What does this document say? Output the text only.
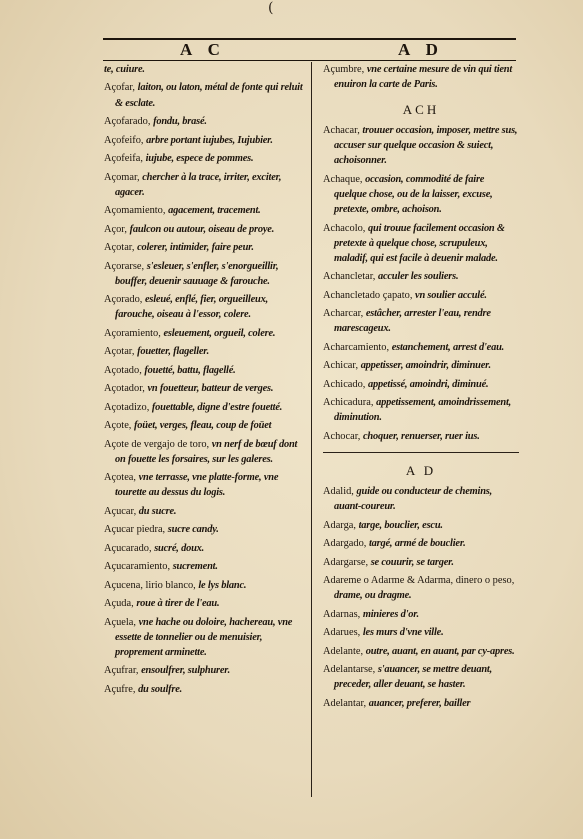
(
A C	A D

te, cuiure.

Açofar, laiton, ou laton, métal de fonte qui reluit & esclate.

Açofarado, fondu, brasé.

Açofeifo, arbre portant iujubes, Iujubier.

Açofeifa, iujube, espece de pommes.

Açomar, chercher à la trace, irriter, exciter, agacer.

Açomamiento, agacement, tracement.

Açor, faulcon ou autour, oiseau de proye.

Açotar, colerer, intimider, faire peur.

Açorarse, s'esleuer, s'enfler, s'enorgueillir, bouffer, deuenir sauuage & farouche.

Açorado, esleué, enflé, fier, orgueilleux, farouche, oiseau à l'essor, colere.

Açoramiento, esleuement, orgueil, colere.

Açotar, fouetter, flageller.

Açotado, fouetté, battu, flagellé.

Açotador, vn fouetteur, batteur de verges.

Açotadizo, fouettable, digne d'estre fouetté.

Açote, foüet, verges, fleau, coup de foüet

Açote de vergajo de toro, vn nerf de bœuf dont on fouette les forsaires, sur les galeres.

Açotea, vne terrasse, vne platte-forme, vne tourette au dessus du logis.

Açucar, du sucre.

Açucar piedra, sucre candy.

Açucarado, sucré, doux.

Açucaramiento, sucrement.

Açucena, lirio blanco, le lys blanc.

Açuda, roue à tirer de l'eau.

Açuela, vne hache ou doloire, hachereau, vne essette de tonnelier ou de menuisier, proprement arminette.

Açufrar, ensoulfrer, sulphurer.

Açufre, du soulfre.

Açumbre, vne certaine mesure de vin qui tient enuiron la carte de Paris.

ACH

Achacar, trouuer occasion, imposer, mettre sus, accuser sur quelque occasion & suiect, achoisonner.

Achaque, occasion, commodité de faire quelque chose, ou de la laisser, excuse, pretexte, ombre, achoison.

Achacolo, qui trouue facilement occasion & pretexte à quelque chose, scrupuleux, maladif, qui est facile à deuenir malade.

Achancletar, acculer les souliers.

Achancletado çapato, vn soulier acculé.

Acharcar, estâcher, arrester l'eau, rendre marescageux.

Acharcamiento, estanchement, arrest d'eau.

Achicar, appetisser, amoindrir, diminuer.

Achicado, appetissé, amoindri, diminué.

Achicadura, appetissement, amoindrissement, diminution.

Achocar, choquer, renuerser, ruer ius.

A D

Adalid, guide ou conducteur de chemins, auant-coureur.

Adarga, targe, bouclier, escu.

Adargado, targé, armé de bouclier.

Adargarse, se couurir, se targer.

Adareme o Adarme & Adarma, dinero o peso, drame, ou dragme.

Adarnas, minieres d'or.

Adarues, les murs d'vne ville.

Adelante, outre, auant, en auant, par cy-apres.

Adelantarse, s'auancer, se mettre deuant, preceder, aller deuant, se haster.

Adelantar, auancer, preferer, bailler
